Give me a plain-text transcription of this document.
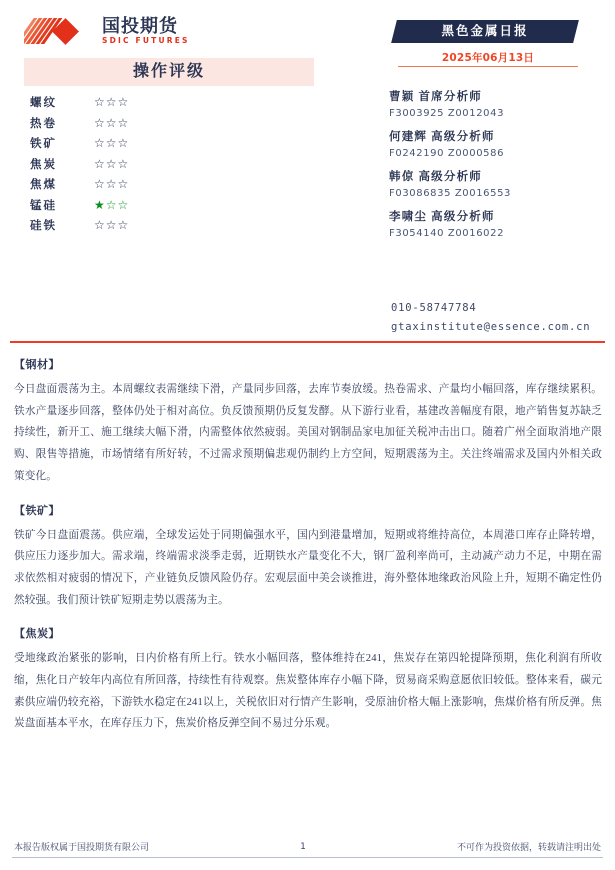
国投期货
SDIC FUTURES
操作评级
螺纹	☆☆☆
热卷	☆☆☆
铁矿	☆☆☆
焦炭	☆☆☆
焦煤	☆☆☆
锰硅	★☆☆
硅铁	☆☆☆
黑色金属日报
2025年06月13日
曹颖 首席分析师
F3003925 Z0012043
何建辉 高级分析师
F0242190 Z0000586
韩倞 高级分析师
F03086835 Z0016553
李啸尘 高级分析师
F3054140 Z0016022
010-58747784
gtaxinstitute@essence.com.cn
【钢材】
今日盘面震荡为主。本周螺纹表需继续下滑，产量同步回落，去库节奏放缓。热卷需求、产量均小幅回落，库存继续累积。铁水产量逐步回落，整体仍处于相对高位。负反馈预期仍反复发酵。从下游行业看，基建改善幅度有限，地产销售复苏缺乏持续性，新开工、施工继续大幅下滑，内需整体依然疲弱。美国对钢制品家电加征关税冲击出口。随着广州全面取消地产限购、限售等措施，市场情绪有所好转，不过需求预期偏悲观仍制约上方空间，短期震荡为主。关注终端需求及国内外相关政策变化。
【铁矿】
铁矿今日盘面震荡。供应端，全球发运处于同期偏强水平，国内到港量增加，短期或将维持高位，本周港口库存止降转增，供应压力逐步加大。需求端，终端需求淡季走弱，近期铁水产量变化不大，钢厂盈利率尚可，主动减产动力不足，中期在需求依然相对疲弱的情况下，产业链负反馈风险仍存。宏观层面中美会谈推进，海外整体地缘政治风险上升，短期不确定性仍然较强。我们预计铁矿短期走势以震荡为主。
【焦炭】
受地缘政治紧张的影响，日内价格有所上行。铁水小幅回落，整体维持在241，焦炭存在第四轮提降预期，焦化利润有所收缩，焦化日产较年内高位有所回落，持续性有待观察。焦炭整体库存小幅下降，贸易商采购意愿依旧较低。整体来看，碳元素供应端仍较充裕，下游铁水稳定在241以上，关税依旧对行情产生影响，受原油价格大幅上涨影响，焦煤价格有所反弹。焦炭盘面基本平水，在库存压力下，焦炭价格反弹空间不易过分乐观。
本报告版权属于国投期货有限公司	1	不可作为投资依据，转载请注明出处
